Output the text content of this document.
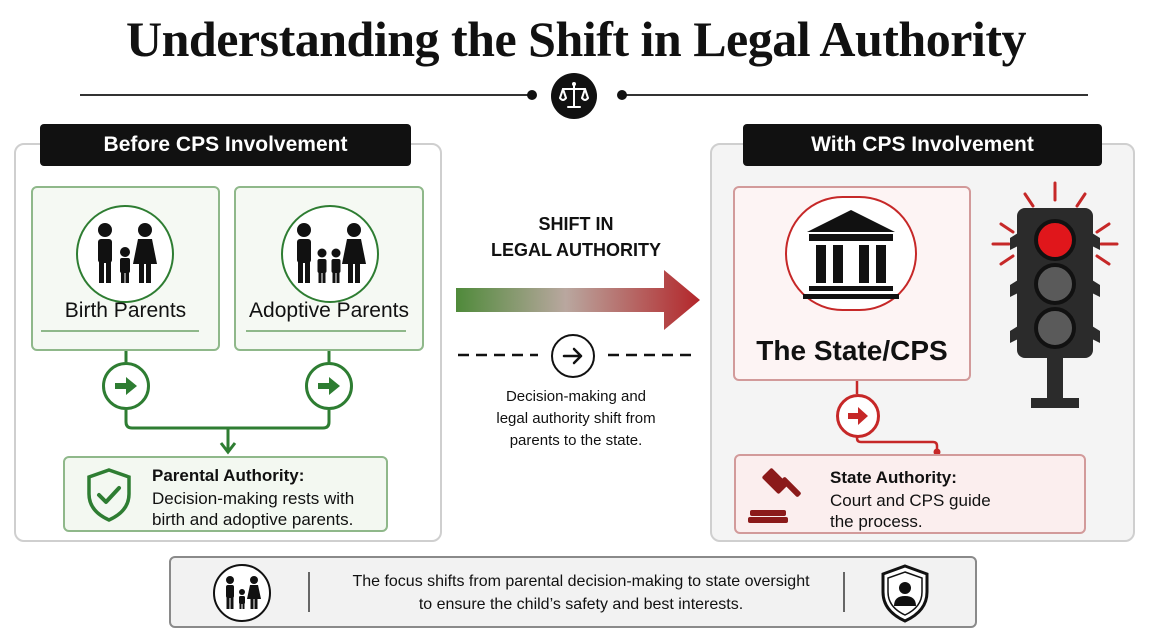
Understanding the Shift in Legal Authority
Before CPS Involvement
Birth Parents	Adoptive Parents
Parental Authority:
Decision-making rests with
birth and adoptive parents.
SHIFT IN
LEGAL AUTHORITY
Decision-making and
legal authority shift from
parents to the state.
With CPS Involvement
The State/CPS
State Authority:
Court and CPS guide
the process.
The focus shifts from parental decision-making to state oversight
to ensure the child’s safety and best interests.
